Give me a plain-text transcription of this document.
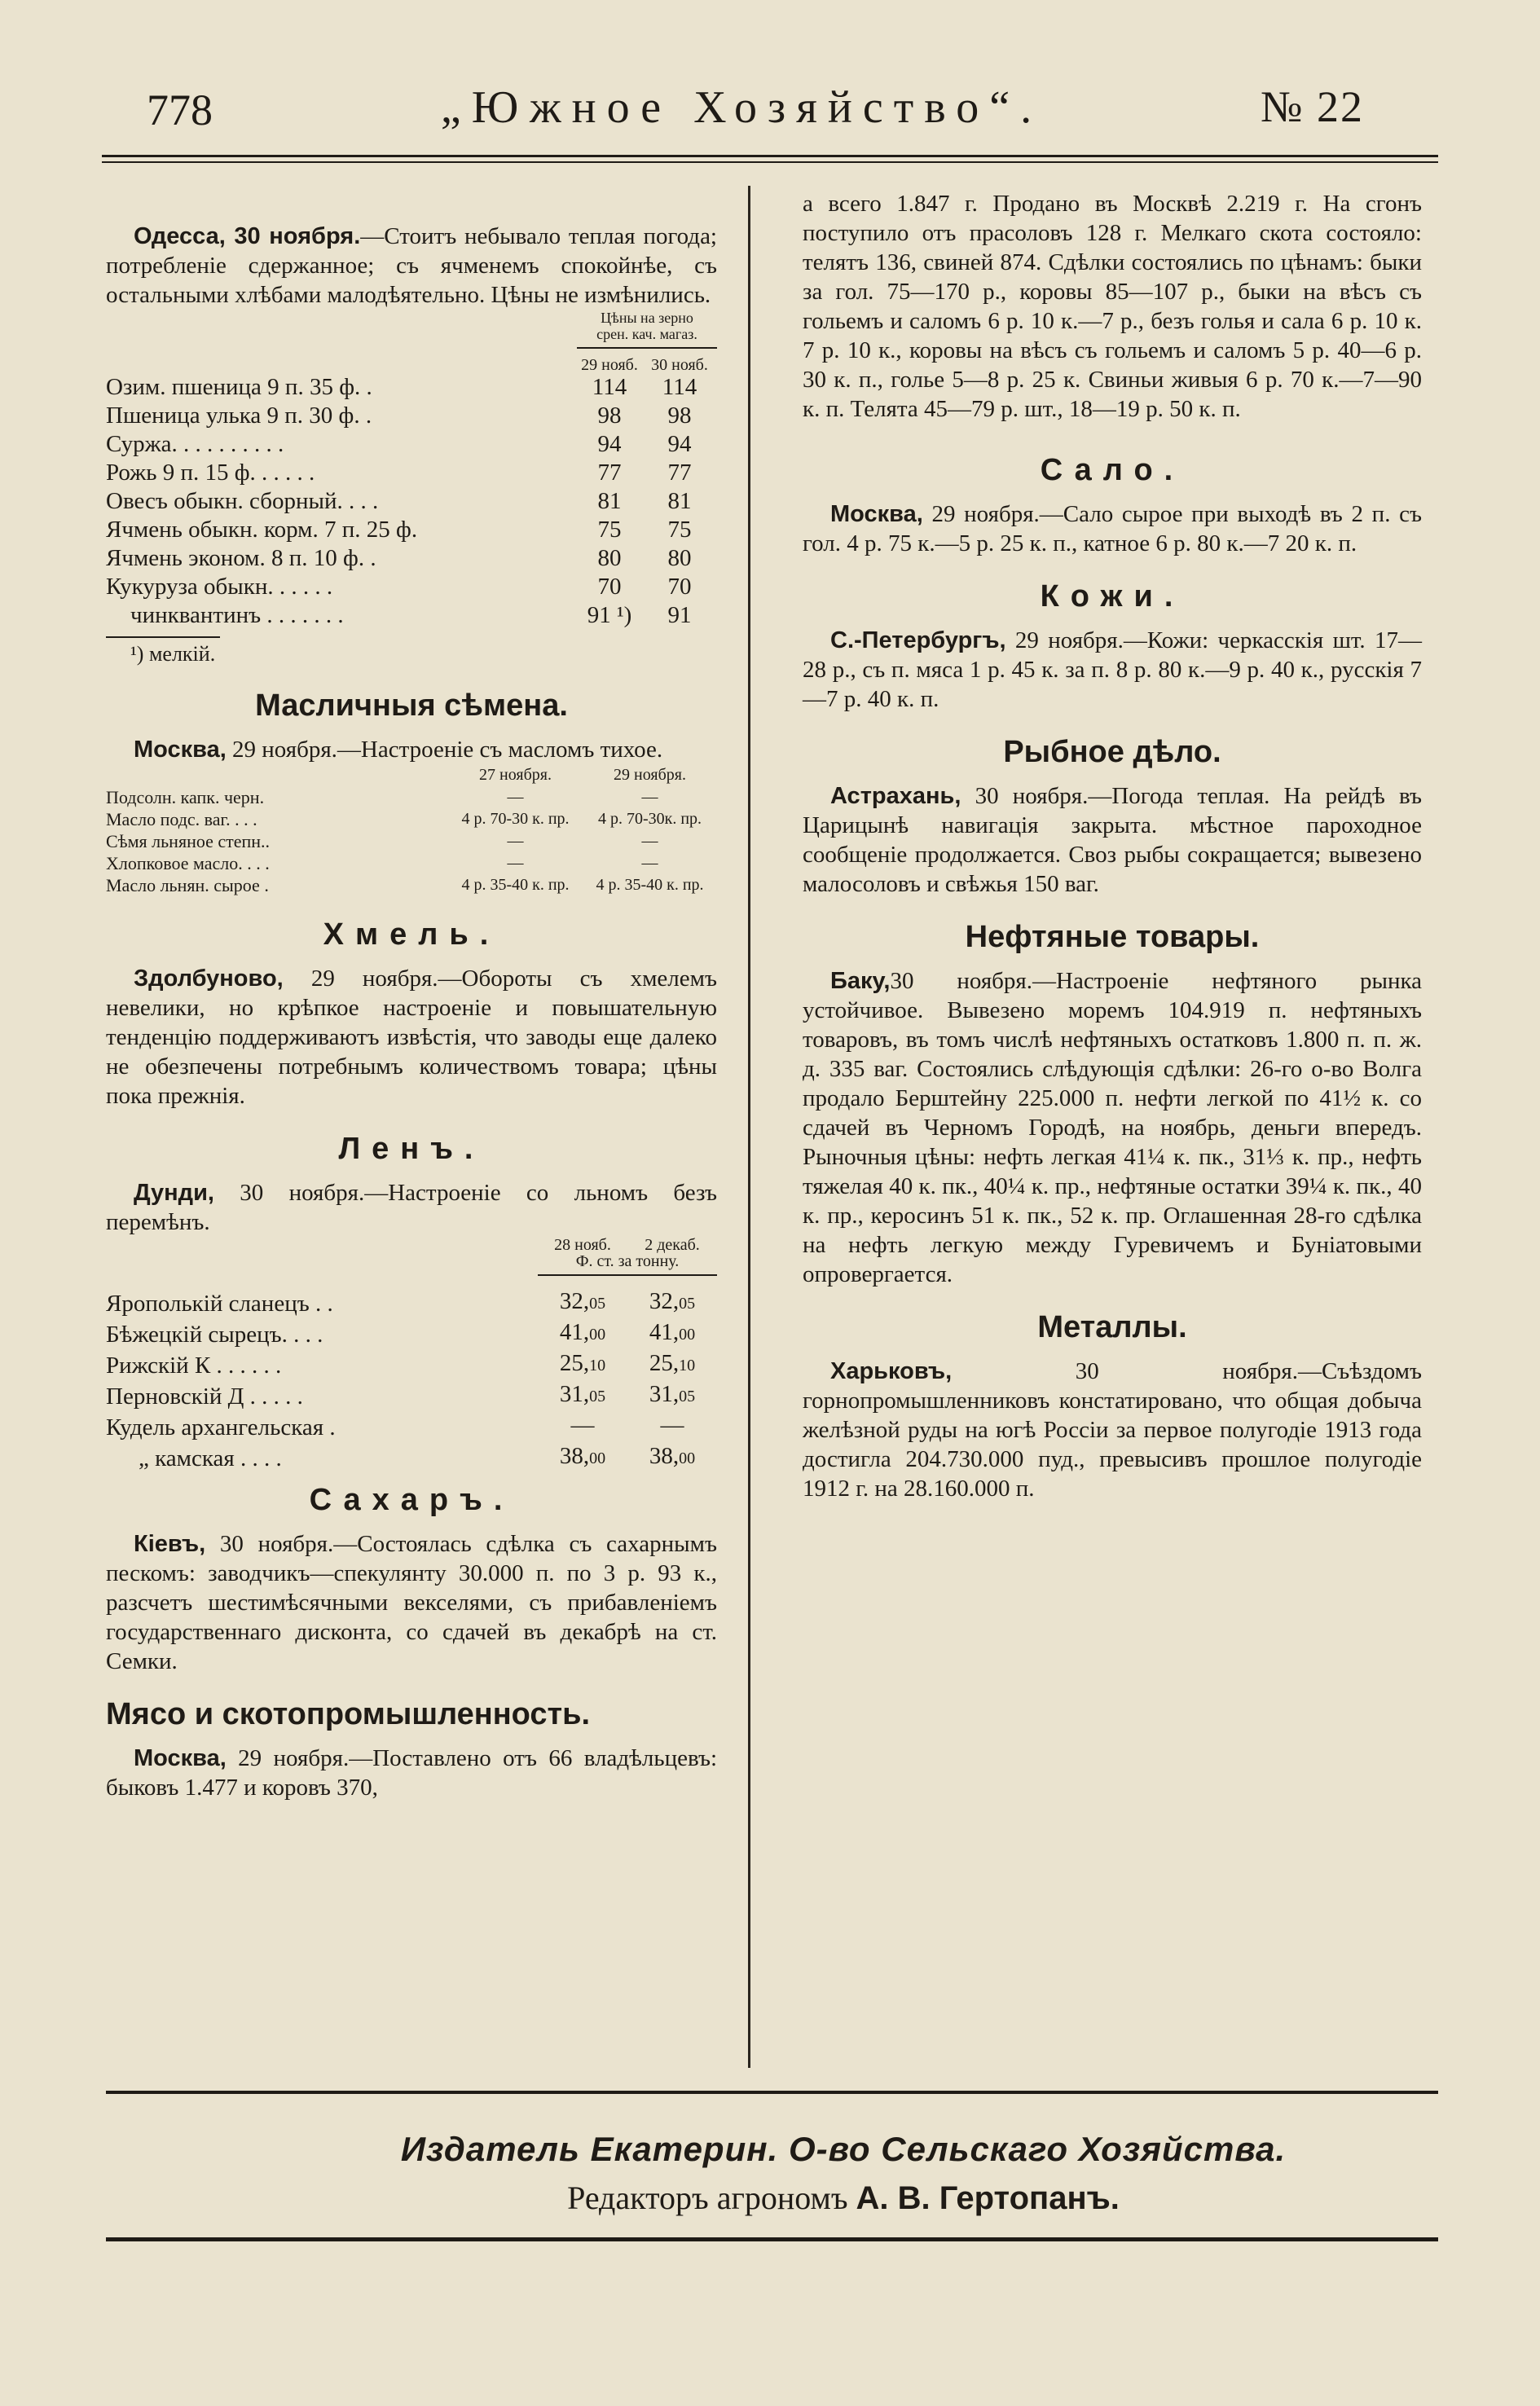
778	„Южное Хозяйство“.	№ 22

Одесса, 30 ноября.—Стоитъ небывало теплая погода; потребленіе сдержанное; съ ячменемъ спокойнѣе, съ остальными хлѣбами малодѣятельно. Цѣны не измѣнились.

	Цѣны на зерно
срен. кач. магаз.	

	29 нояб.	30 нояб.
Озим. пшеница 9 п. 35 ф. .	114	114
Пшеница улька 9 п. 30 ф. .	98	98
Суржа. . . . . . . . . .	94	94
Рожь 9 п. 15 ф. . . . . .	77	77
Овесъ обыкн. сборный. . . .	81	81
Ячмень обыкн. корм. 7 п. 25 ф.	75	75
Ячмень эконом. 8 п. 10 ф. .	80	80
Кукуруза обыкн. . . . . .	70	70
чинквантинъ . . . . . . .	91 ¹)	91
¹) мелкій.
Масличныя сѣмена.

Москва, 29 ноября.—Настроеніе съ масломъ тихое.

	27 ноября.	29 ноября.
Подсолн. капк. черн.	—	—
Масло подс. ваг. . . .	4 р. 70-30 к. пр.	4 р. 70-30к. пр.
Сѣмя льняное степн..	—	—
Хлопковое масло. . . .	—	—
Масло льнян. сырое .	4 р. 35-40 к. пр.	4 р. 35-40 к. пр.
Хмель.

Здолбуново, 29 ноября.—Обороты съ хмелемъ невелики, но крѣпкое настроеніе и повышательную тенденцію поддерживаютъ извѣстія, что заводы еще далеко не обезпечены потребнымъ количествомъ товара; цѣны пока прежнія.

Ленъ.

Дунди, 30 ноября.—Настроеніе со льномъ безъ перемѣнъ.

	28 нояб.	2 декаб.

	Ф. ст. за тонну.	

Ярополькій сланецъ . .	32,05	32,05
Бѣжецкій сырецъ. . . .	41,00	41,00
Рижскій К . . . . . .	25,10	25,10
Перновскій Д . . . . .	31,05	31,05
Кудель архангельская .	—	—
„ камская . . . .	38,00	38,00
Сахаръ.

Кіевъ, 30 ноября.—Состоялась сдѣлка съ сахарнымъ пескомъ: заводчикъ—спекулянту 30.000 п. по 3 р. 93 к., разсчетъ шестимѣсячными векселями, съ прибавленіемъ государственнаго дисконта, со сдачей въ декабрѣ на ст. Семки.

Мясо и скотопромышленность.

Москва, 29 ноября.—Поставлено отъ 66 владѣльцевъ: быковъ 1.477 и коровъ 370,

а всего 1.847 г. Продано въ Москвѣ 2.219 г. На сгонъ поступило отъ прасоловъ 128 г. Мелкаго скота состояло: телятъ 136, свиней 874. Сдѣлки состоялись по цѣнамъ: быки за гол. 75—170 р., коровы 85—107 р., быки на вѣсъ съ гольемъ и саломъ 6 р. 10 к.—7 р., безъ голья и сала 6 р. 10 к. 7 р. 10 к., коровы на вѣсъ съ гольемъ и саломъ 5 р. 40—6 р. 30 к. п., голье 5—8 р. 25 к. Свиньи живыя 6 р. 70 к.—7—90 к. п. Телята 45—79 р. шт., 18—19 р. 50 к. п.

Сало.

Москва, 29 ноября.—Сало сырое при выходѣ въ 2 п. съ гол. 4 р. 75 к.—5 р. 25 к. п., катное 6 р. 80 к.—7 20 к. п.

Кожи.

С.-Петербургъ, 29 ноября.—Кожи: черкасскія шт. 17—28 р., съ п. мяса 1 р. 45 к. за п. 8 р. 80 к.—9 р. 40 к., русскія 7—7 р. 40 к. п.

Рыбное дѣло.

Астрахань, 30 ноября.—Погода теплая. На рейдѣ въ Царицынѣ навигація закрыта. мѣстное пароходное сообщеніе продолжается. Своз рыбы сокращается; вывезено малосоловъ и свѣжья 150 ваг.

Нефтяные товары.

Баку,30 ноября.—Настроеніе нефтяного рынка устойчивое. Вывезено моремъ 104.919 п. нефтяныхъ товаровъ, въ томъ числѣ нефтяныхъ остатковъ 1.800 п. п. ж. д. 335 ваг. Состоялись слѣдующія сдѣлки: 26-го о-во Волга продало Берштейну 225.000 п. нефти легкой по 41½ к. со сдачей въ Черномъ Городѣ, на ноябрь, деньги впередъ. Рыночныя цѣны: нефть легкая 41¼ к. пк., 31⅓ к. пр., нефть тяжелая 40 к. пк., 40¼ к. пр., нефтяные остатки 39¼ к. пк., 40 к. пр., керосинъ 51 к. пк., 52 к. пр. Оглашенная 28-го сдѣлка на нефть легкую между Гуревичемъ и Буніатовыми опровергается.

Металлы.

Харьковъ,	30 ноября.—Съѣздомъ горнопромышленниковъ констатировано, что общая добыча желѣзной руды на югѣ Россіи за первое полугодіе 1913 года достигла 204.730.000 пуд., превысивъ прошлое полугодіе 1912 г. на 28.160.000 п.

Издатель Екатерин. О-во Сельскаго Хозяйства.
Редакторъ агрономъ А. В. Гертопанъ.
